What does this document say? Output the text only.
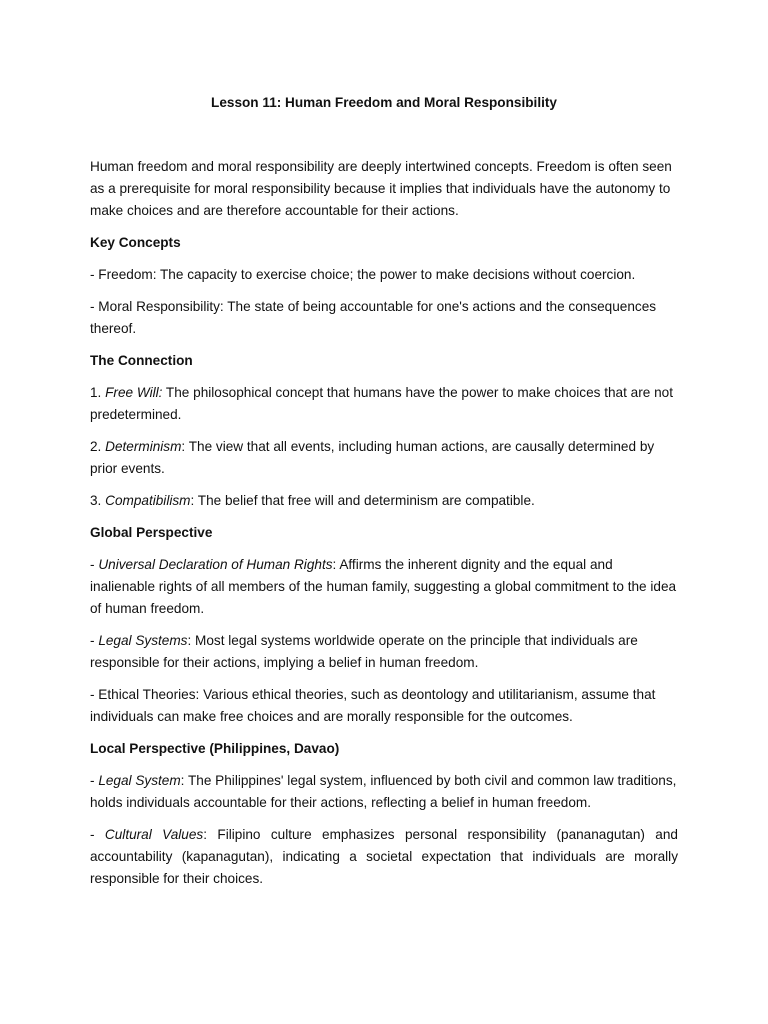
Lesson 11: Human Freedom and Moral Responsibility

Human freedom and moral responsibility are deeply intertwined concepts. Freedom is often seen as a prerequisite for moral responsibility because it implies that individuals have the autonomy to make choices and are therefore accountable for their actions.

Key Concepts

- Freedom: The capacity to exercise choice; the power to make decisions without coercion.

- Moral Responsibility: The state of being accountable for one's actions and the consequences thereof.

The Connection

1. Free Will: The philosophical concept that humans have the power to make choices that are not predetermined.

2. Determinism: The view that all events, including human actions, are causally determined by prior events.

3. Compatibilism: The belief that free will and determinism are compatible.

Global Perspective

- Universal Declaration of Human Rights: Affirms the inherent dignity and the equal and inalienable rights of all members of the human family, suggesting a global commitment to the idea of human freedom.

- Legal Systems: Most legal systems worldwide operate on the principle that individuals are responsible for their actions, implying a belief in human freedom.

- Ethical Theories: Various ethical theories, such as deontology and utilitarianism, assume that individuals can make free choices and are morally responsible for the outcomes.

Local Perspective (Philippines, Davao)

- Legal System: The Philippines' legal system, influenced by both civil and common law traditions, holds individuals accountable for their actions, reflecting a belief in human freedom.

- Cultural Values: Filipino culture emphasizes personal responsibility (pananagutan) and accountability (kapanagutan), indicating a societal expectation that individuals are morally responsible for their choices.
